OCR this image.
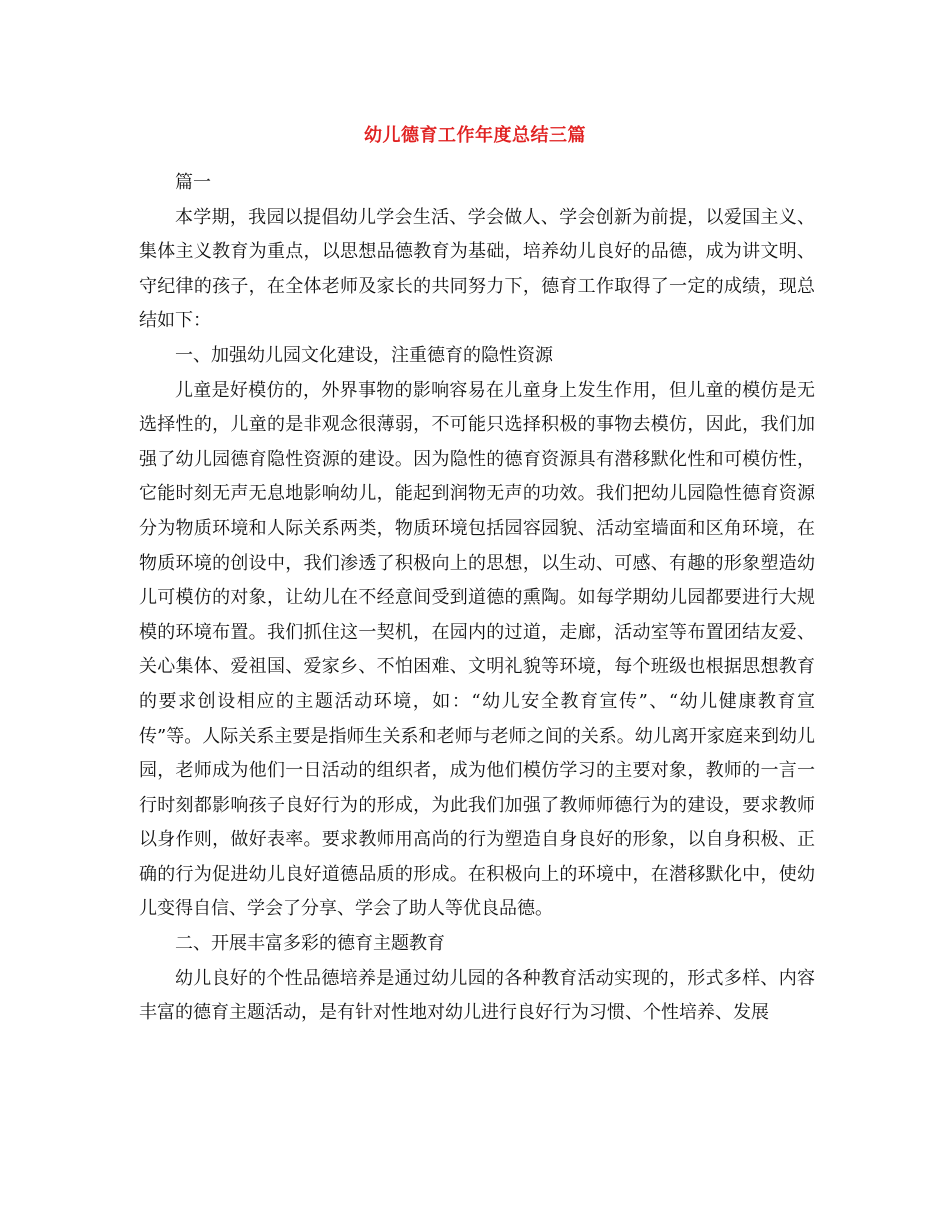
幼儿德育工作年度总结三篇

篇一

本学期，我园以提倡幼儿学会生活、学会做人、学会创新为前提，以爱国主义、集体主义教育为重点，以思想品德教育为基础，培养幼儿良好的品德，成为讲文明、守纪律的孩子，在全体老师及家长的共同努力下，德育工作取得了一定的成绩，现总结如下：

一、加强幼儿园文化建设，注重德育的隐性资源

儿童是好模仿的，外界事物的影响容易在儿童身上发生作用，但儿童的模仿是无选择性的，儿童的是非观念很薄弱，不可能只选择积极的事物去模仿，因此，我们加强了幼儿园德育隐性资源的建设。因为隐性的德育资源具有潜移默化性和可模仿性，它能时刻无声无息地影响幼儿，能起到润物无声的功效。我们把幼儿园隐性德育资源分为物质环境和人际关系两类，物质环境包括园容园貌、活动室墙面和区角环境，在物质环境的创设中，我们渗透了积极向上的思想，以生动、可感、有趣的形象塑造幼儿可模仿的对象，让幼儿在不经意间受到道德的熏陶。如每学期幼儿园都要进行大规模的环境布置。我们抓住这一契机，在园内的过道，走廊，活动室等布置团结友爱、关心集体、爱祖国、爱家乡、不怕困难、文明礼貌等环境，每个班级也根据思想教育的要求创设相应的主题活动环境，如：“幼儿安全教育宣传”、“幼儿健康教育宣传”等。人际关系主要是指师生关系和老师与老师之间的关系。幼儿离开家庭来到幼儿园，老师成为他们一日活动的组织者，成为他们模仿学习的主要对象，教师的一言一行时刻都影响孩子良好行为的形成，为此我们加强了教师师德行为的建设，要求教师以身作则，做好表率。要求教师用高尚的行为塑造自身良好的形象，以自身积极、正确的行为促进幼儿良好道德品质的形成。在积极向上的环境中，在潜移默化中，使幼儿变得自信、学会了分享、学会了助人等优良品德。

二、开展丰富多彩的德育主题教育

幼儿良好的个性品德培养是通过幼儿园的各种教育活动实现的，形式多样、内容丰富的德育主题活动，是有针对性地对幼儿进行良好行为习惯、个性培养、发展
